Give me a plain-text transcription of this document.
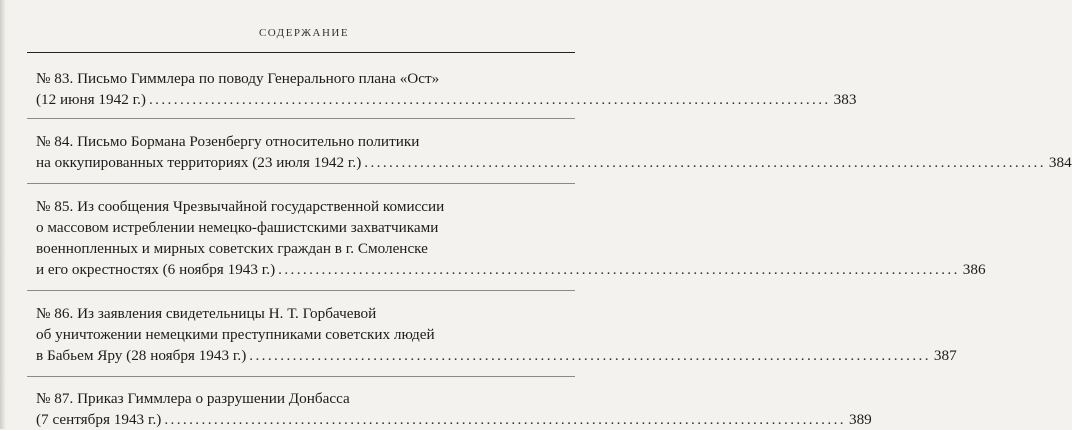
СОДЕРЖАНИЕ
№ 83. Письмо Гиммлера по поводу Генерального плана «Ост»
(12 июня 1942 г.) .............................................................................................................. 383
№ 84. Письмо Бормана Розенбергу относительно политики
на оккупированных территориях (23 июля 1942 г.) .............................................................................................................. 384
№ 85. Из сообщения Чрезвычайной государственной комиссии
о массовом истреблении немецко-фашистскими захватчиками
военнопленных и мирных советских граждан в г. Смоленске
и его окрестностях (6 ноября 1943 г.) .............................................................................................................. 386
№ 86. Из заявления свидетельницы Н. Т. Горбачевой
об уничтожении немецкими преступниками советских людей
в Бабьем Яру (28 ноября 1943 г.) .............................................................................................................. 387
№ 87. Приказ Гиммлера о разрушении Донбасса
(7 сентября 1943 г.) .............................................................................................................. 389
